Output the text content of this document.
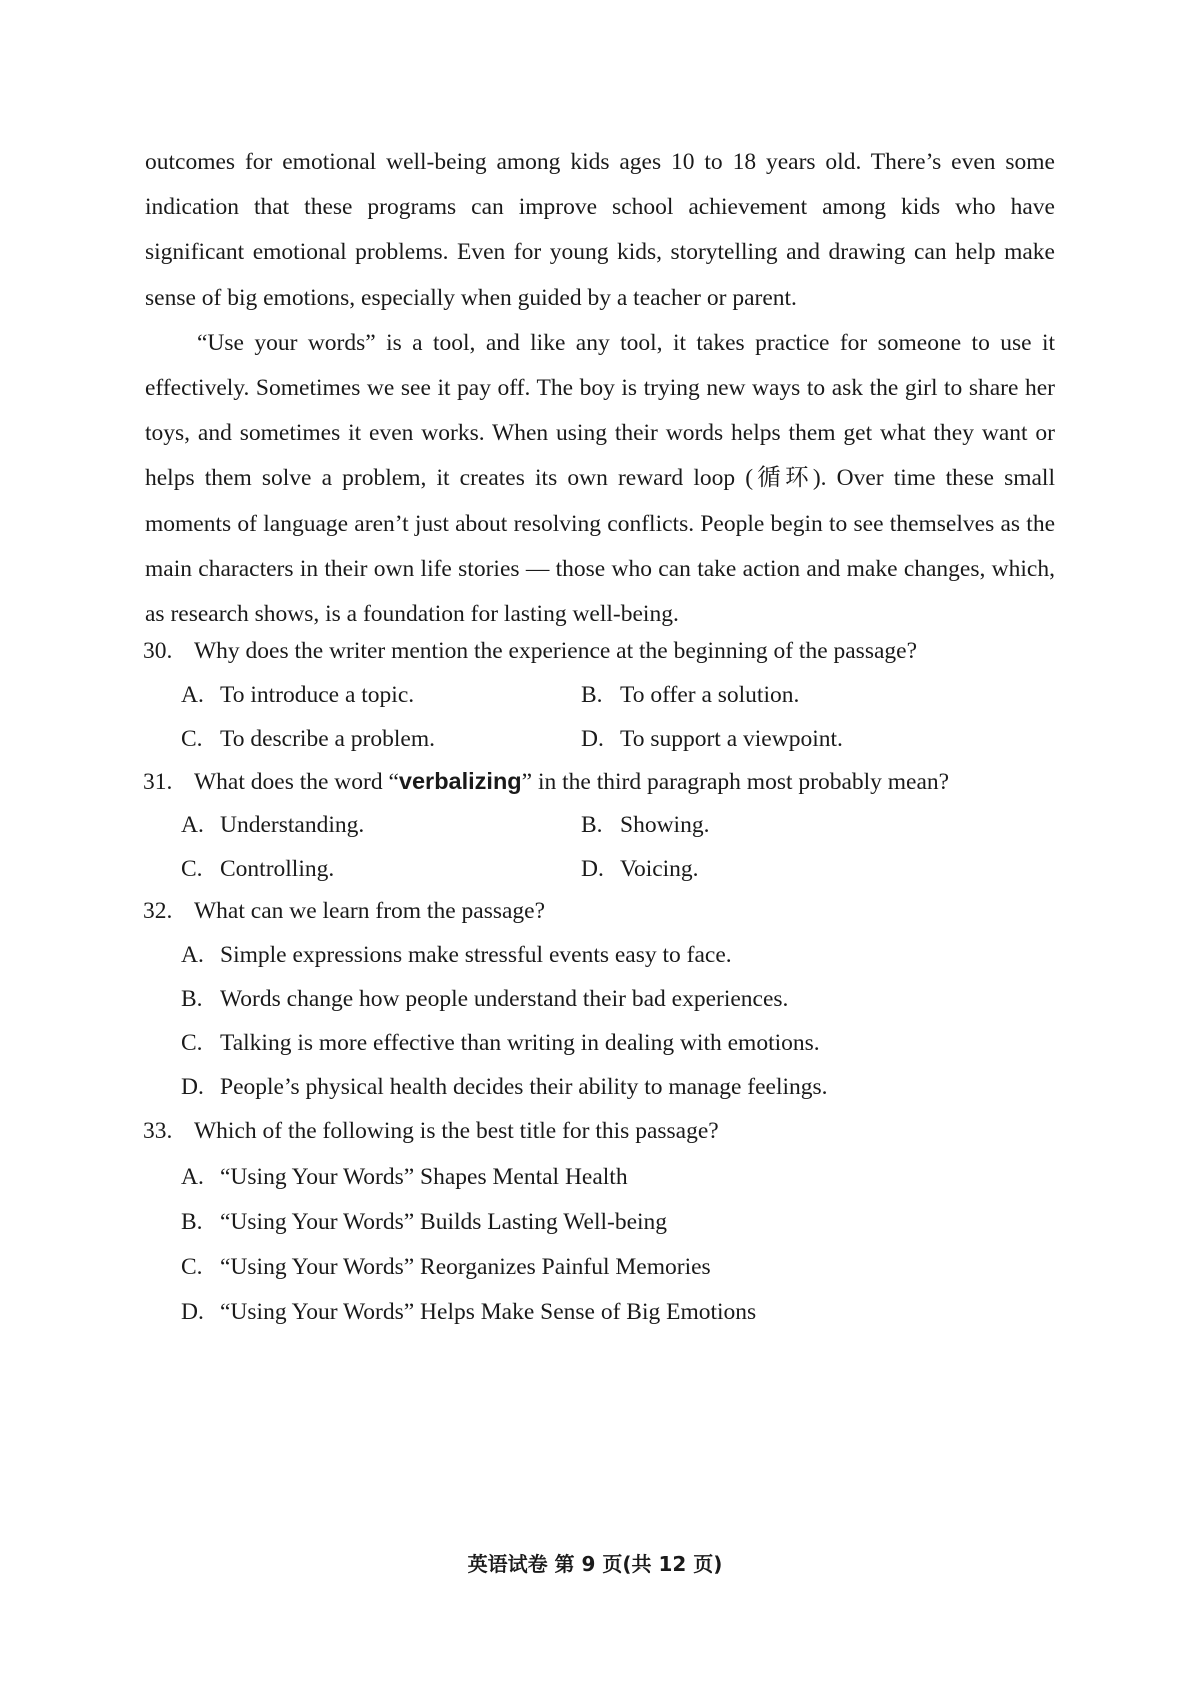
outcomes for emotional well-being among kids ages 10 to 18 years old. There’s even some indication that these programs can improve school achievement among kids who have significant emotional problems. Even for young kids, storytelling and drawing can help make sense of big emotions, especially when guided by a teacher or parent.

“Use your words” is a tool, and like any tool, it takes practice for someone to use it effectively. Sometimes we see it pay off. The boy is trying new ways to ask the girl to share her toys, and sometimes it even works. When using their words helps them get what they want or helps them solve a problem, it creates its own reward loop (循环). Over time these small moments of language aren’t just about resolving conflicts. People begin to see themselves as the main characters in their own life stories — those who can take action and make changes, which, as research shows, is a foundation for lasting well-being.

30. Why does the writer mention the experience at the beginning of the passage?
A. To introduce a topic.	B. To offer a solution.
C. To describe a problem.	D. To support a viewpoint.
31. What does the word “verbalizing” in the third paragraph most probably mean?
A. Understanding.	B. Showing.
C. Controlling.	D. Voicing.
32. What can we learn from the passage?
A. Simple expressions make stressful events easy to face.
B. Words change how people understand their bad experiences.
C. Talking is more effective than writing in dealing with emotions.
D. People’s physical health decides their ability to manage feelings.
33. Which of the following is the best title for this passage?
A. “Using Your Words” Shapes Mental Health
B. “Using Your Words” Builds Lasting Well-being
C. “Using Your Words” Reorganizes Painful Memories
D. “Using Your Words” Helps Make Sense of Big Emotions
英语试卷 第 9 页(共 12 页)
